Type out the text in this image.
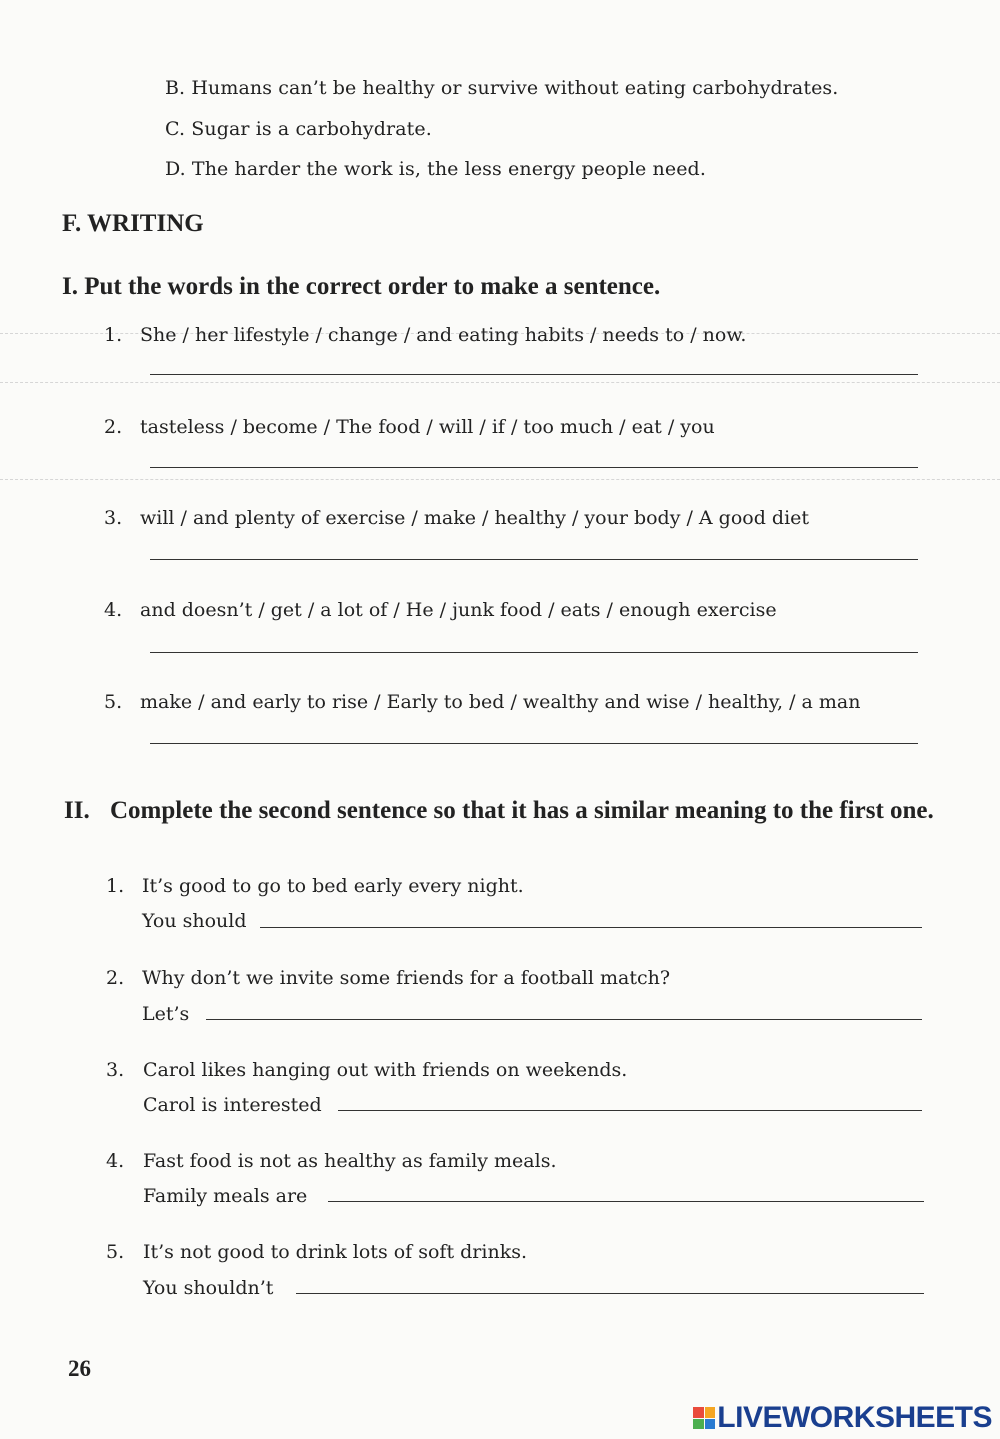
B. Humans can’t be healthy or survive without eating carbohydrates.
C. Sugar is a carbohydrate.
D. The harder the work is, the less energy people need.
F. WRITING
I. Put the words in the correct order to make a sentence.
1. She / her lifestyle / change / and eating habits / needs to / now.
2. tasteless / become / The food / will / if / too much / eat / you
3. will / and plenty of exercise / make / healthy / your body / A good diet
4. and doesn’t / get / a lot of / He / junk food / eats / enough exercise
5. make / and early to rise / Early to bed / wealthy and wise / healthy, / a man
II. Complete the second sentence so that it has a similar meaning to the first one.
1. It’s good to go to bed early every night.
You should
2. Why don’t we invite some friends for a football match?
Let’s
3. Carol likes hanging out with friends on weekends.
Carol is interested
4. Fast food is not as healthy as family meals.
Family meals are
5. It’s not good to drink lots of soft drinks.
You shouldn’t
26
LIVEWORKSHEETS
